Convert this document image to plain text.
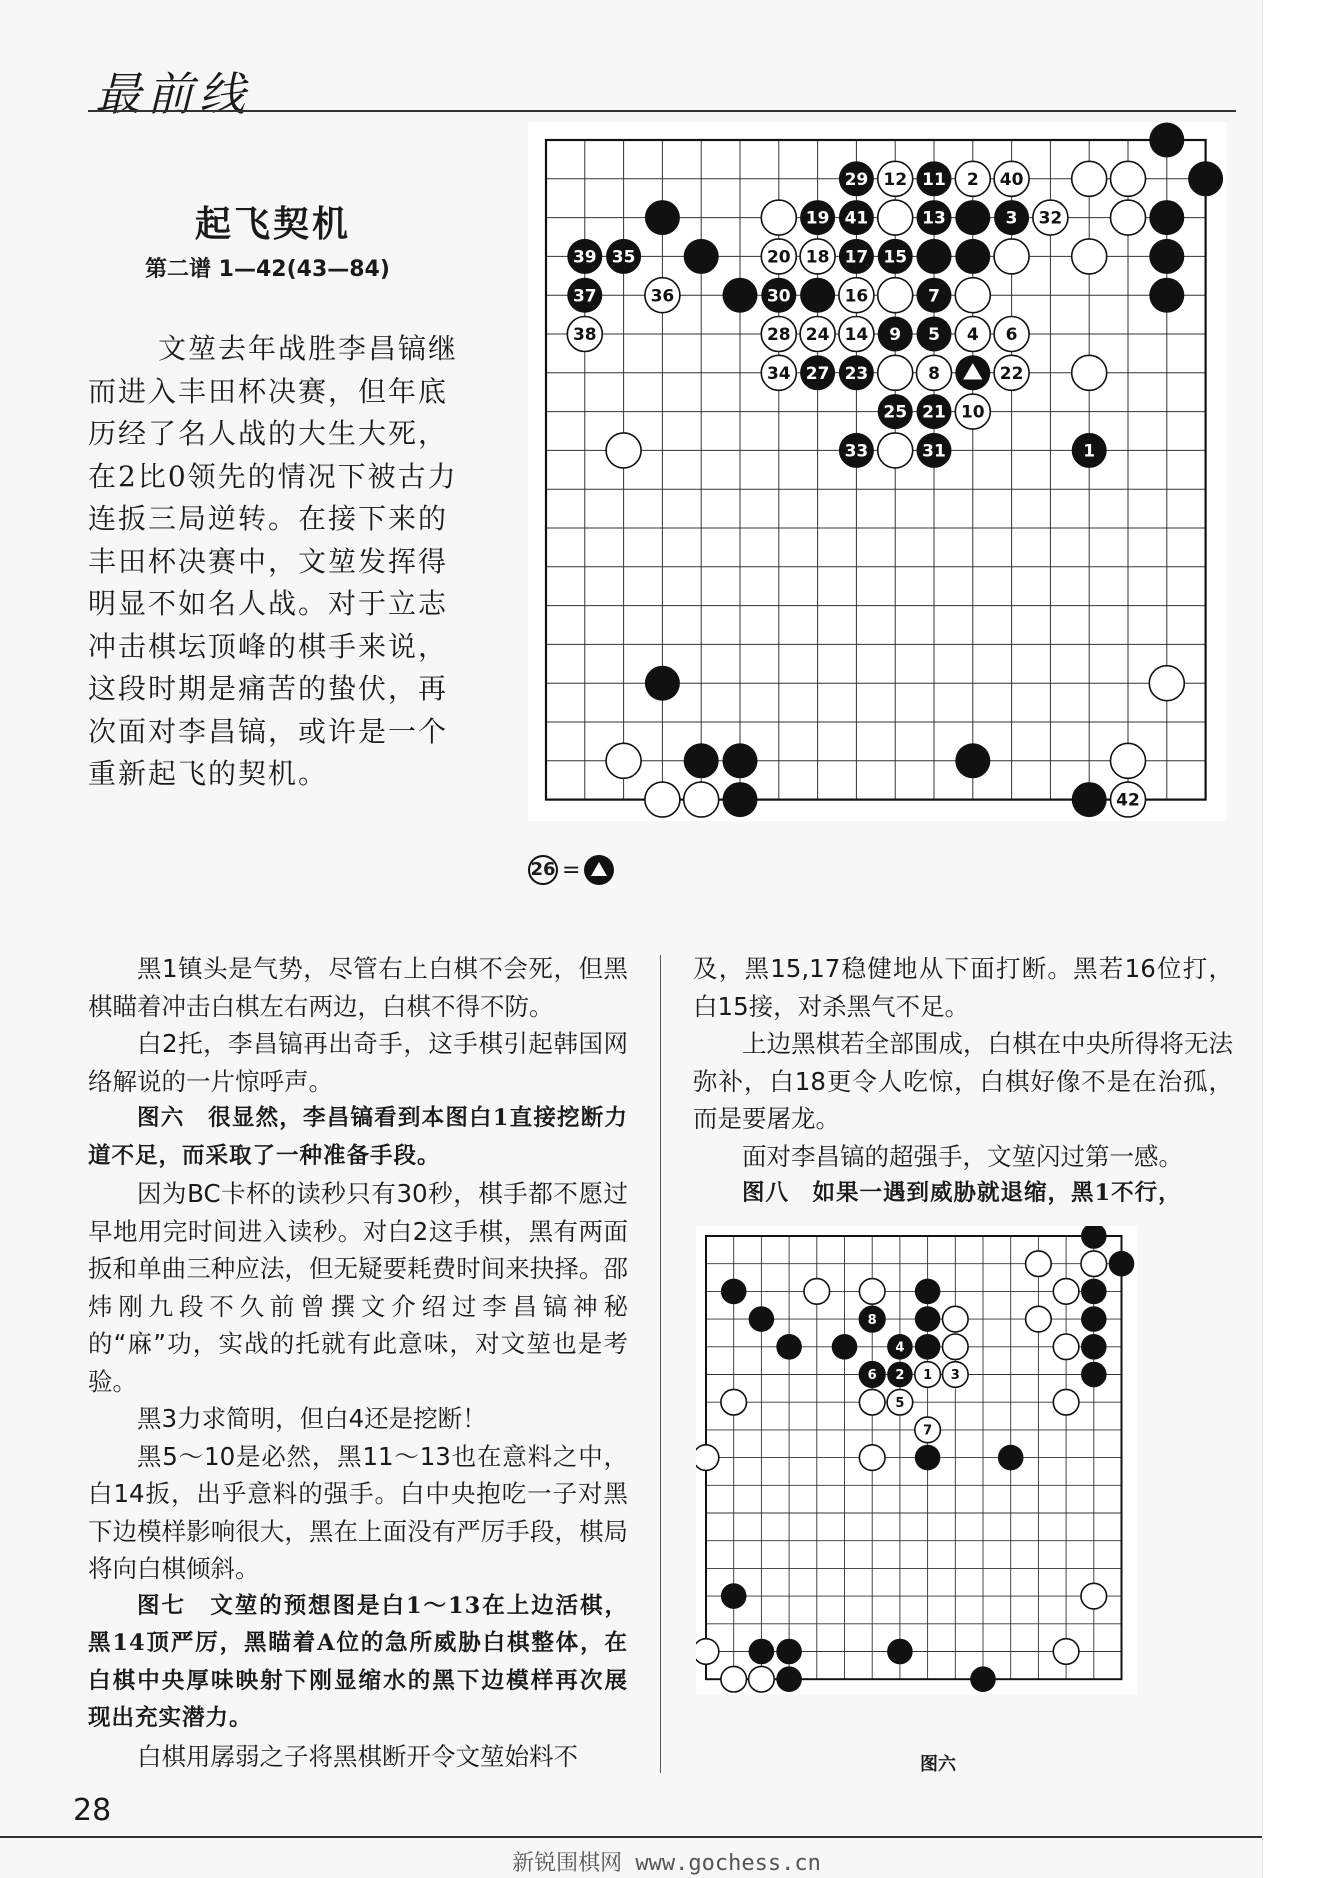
最前线
起飞契机
第二谱 1—42(43—84)
文堃去年战胜李昌镐继而进入丰田杯决赛，但年底历经了名人战的大生大死，在2比0领先的情况下被古力连扳三局逆转。在接下来的丰田杯决赛中，文堃发挥得明显不如名人战。对于立志冲击棋坛顶峰的棋手来说，这段时期是痛苦的蛰伏，再次面对李昌镐，或许是一个重新起飞的契机。
29	11
19 41	13	3
39 35	17 15
37	30	7
9 5
27 23
25 21
33	31	1
12	2 40
32
20 18
36	16
38	28 24 14	4 6
34	8	22
10
42
26 =

黑1镇头是气势，尽管右上白棋不会死，但黑棋瞄着冲击白棋左右两边，白棋不得不防。

白2托，李昌镐再出奇手，这手棋引起韩国网络解说的一片惊呼声。

图六　很显然，李昌镐看到本图白1直接挖断力道不足，而采取了一种准备手段。

因为BC卡杯的读秒只有30秒，棋手都不愿过早地用完时间进入读秒。对白2这手棋，黑有两面扳和单曲三种应法，但无疑要耗费时间来抉择。邵炜刚九段不久前曾撰文介绍过李昌镐神秘的“麻”功，实战的托就有此意味，对文堃也是考验。

黑3力求简明，但白4还是挖断！

黑5～10是必然，黑11～13也在意料之中，白14扳，出乎意料的强手。白中央抱吃一子对黑下边模样影响很大，黑在上面没有严厉手段，棋局将向白棋倾斜。

图七　文堃的预想图是白1～13在上边活棋，黑14顶严厉，黑瞄着A位的急所威胁白棋整体，在白棋中央厚味映射下刚显缩水的黑下边模样再次展现出充实潜力。

白棋用孱弱之子将黑棋断开令文堃始料不

及，黑15,17稳健地从下面打断。黑若16位打，白15接，对杀黑气不足。

上边黑棋若全部围成，白棋在中央所得将无法弥补，白18更令人吃惊，白棋好像不是在治孤，而是要屠龙。

面对李昌镐的超强手，文堃闪过第一感。

图八　如果一遇到威胁就退缩，黑1不行，

8
4
6 2 1 3
5
7
图六
28
新锐围棋网 www.gochess.cn
